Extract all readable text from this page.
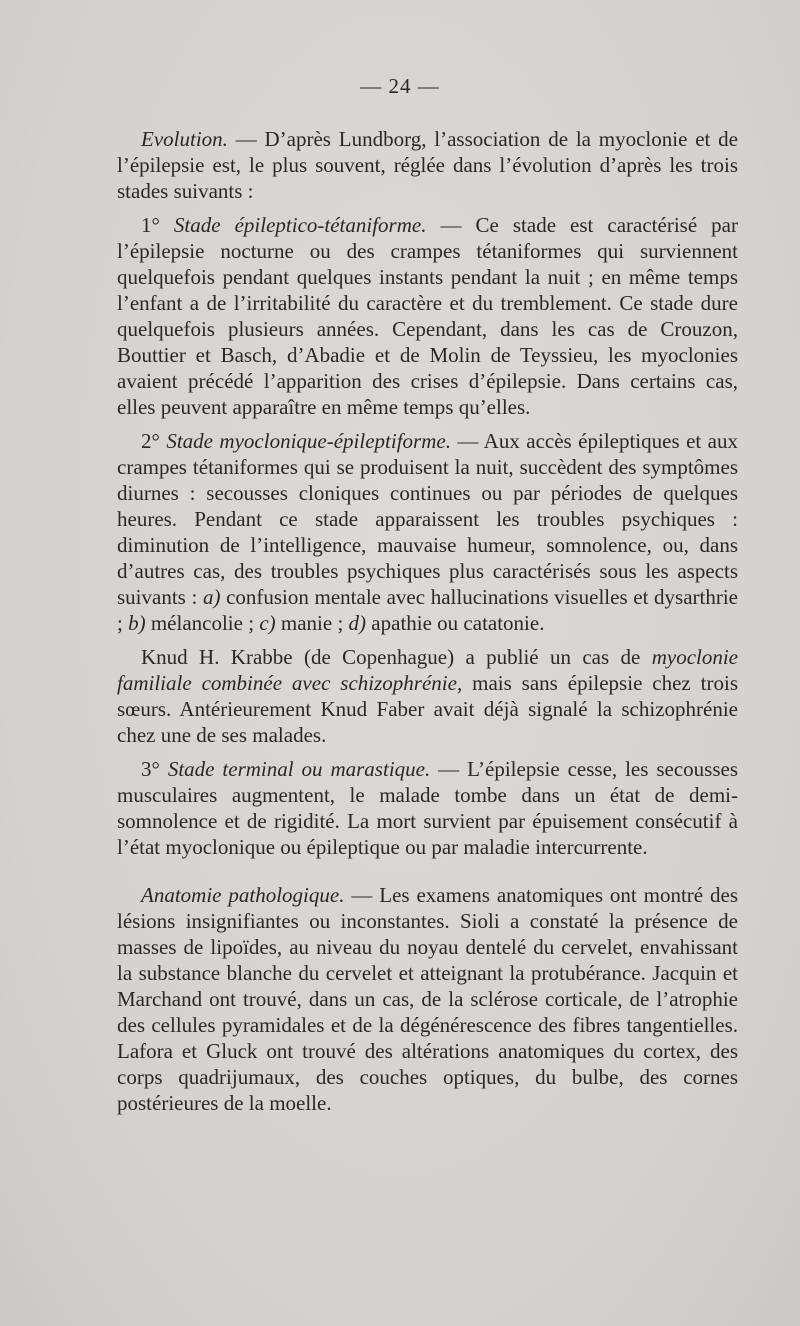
— 24 —

Evolution. — D’après Lundborg, l’association de la myoclonie et de l’épilepsie est, le plus souvent, réglée dans l’évolution d’après les trois stades suivants :

1° Stade épileptico-tétaniforme. — Ce stade est caractérisé par l’épilepsie nocturne ou des crampes tétaniformes qui surviennent quelquefois pendant quelques instants pendant la nuit ; en même temps l’enfant a de l’irritabilité du caractère et du tremblement. Ce stade dure quelquefois plusieurs années. Cependant, dans les cas de Crouzon, Bouttier et Basch, d’Abadie et de Molin de Teyssieu, les myoclonies avaient précédé l’apparition des crises d’épilepsie. Dans certains cas, elles peuvent apparaître en même temps qu’elles.

2° Stade myoclonique-épileptiforme. — Aux accès épileptiques et aux crampes tétaniformes qui se produisent la nuit, succèdent des symptômes diurnes : secousses cloniques continues ou par périodes de quelques heures. Pendant ce stade apparaissent les troubles psychiques : diminution de l’intelligence, mauvaise humeur, somnolence, ou, dans d’autres cas, des troubles psychiques plus caractérisés sous les aspects suivants : a) confusion mentale avec hallucinations visuelles et dysarthrie ; b) mélancolie ; c) manie ; d) apathie ou catatonie.

Knud H. Krabbe (de Copenhague) a publié un cas de myoclonie familiale combinée avec schizophrénie, mais sans épilepsie chez trois sœurs. Antérieurement Knud Faber avait déjà signalé la schizophrénie chez une de ses malades.

3° Stade terminal ou marastique. — L’épilepsie cesse, les secousses musculaires augmentent, le malade tombe dans un état de demi-somnolence et de rigidité. La mort survient par épuisement consécutif à l’état myoclonique ou épileptique ou par maladie intercurrente.

Anatomie pathologique. — Les examens anatomiques ont montré des lésions insignifiantes ou inconstantes. Sioli a constaté la présence de masses de lipoïdes, au niveau du noyau dentelé du cervelet, envahissant la substance blanche du cervelet et atteignant la protubérance. Jacquin et Marchand ont trouvé, dans un cas, de la sclérose corticale, de l’atrophie des cellules pyramidales et de la dégénérescence des fibres tangentielles. Lafora et Gluck ont trouvé des altérations anatomiques du cortex, des corps quadrijumaux, des couches optiques, du bulbe, des cornes postérieures de la moelle.
